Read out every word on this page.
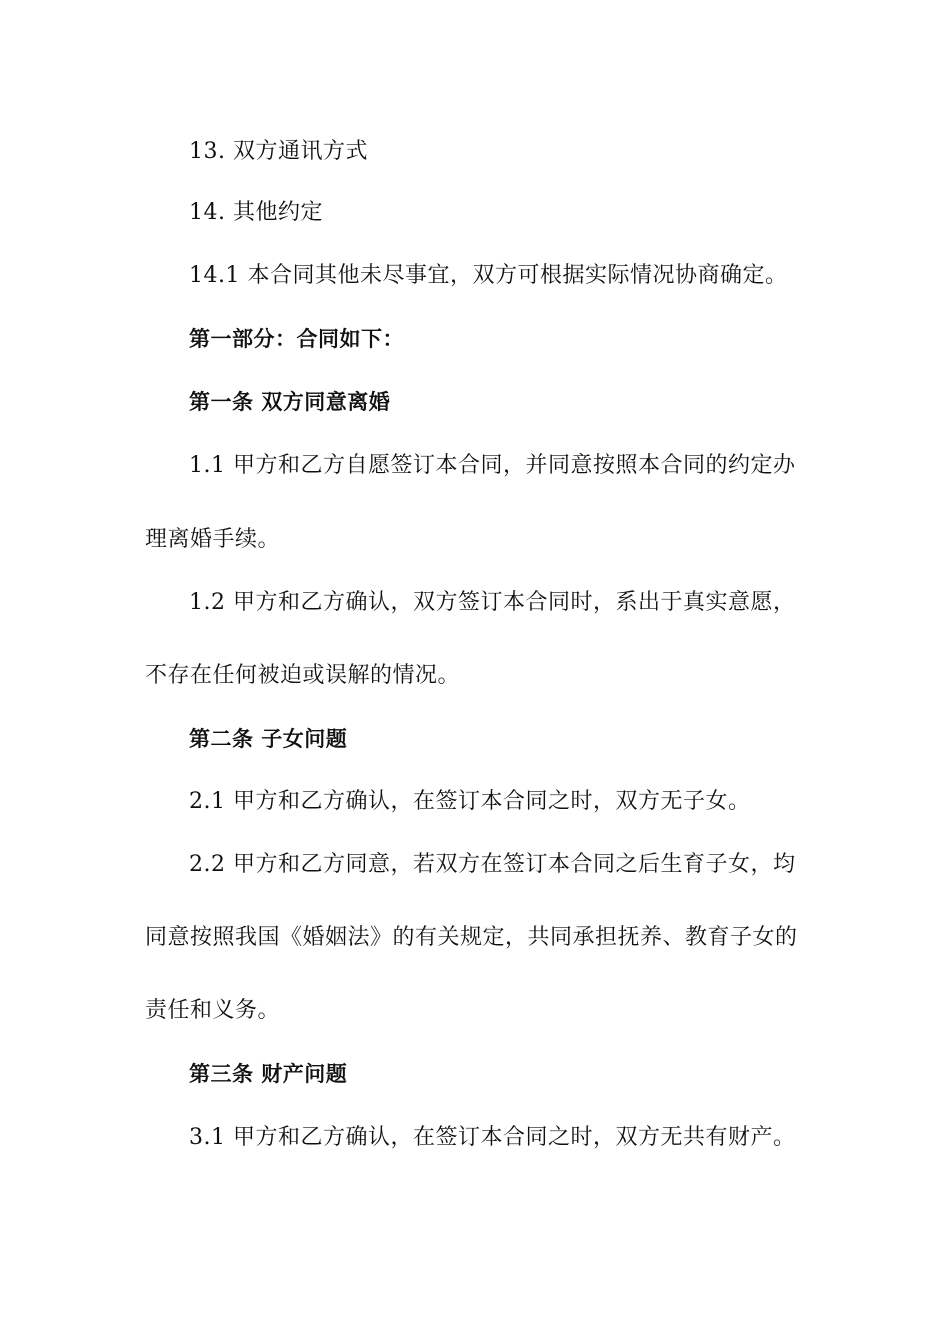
13. 双方通讯方式
14. 其他约定
14.1 本合同其他未尽事宜，双方可根据实际情况协商确定。
第一部分：合同如下：
第一条 双方同意离婚
1.1 甲方和乙方自愿签订本合同，并同意按照本合同的约定办
理离婚手续。
1.2 甲方和乙方确认，双方签订本合同时，系出于真实意愿，
不存在任何被迫或误解的情况。
第二条 子女问题
2.1 甲方和乙方确认，在签订本合同之时，双方无子女。
2.2 甲方和乙方同意，若双方在签订本合同之后生育子女，均
同意按照我国《婚姻法》的有关规定，共同承担抚养、教育子女的
责任和义务。
第三条 财产问题
3.1 甲方和乙方确认，在签订本合同之时，双方无共有财产。
